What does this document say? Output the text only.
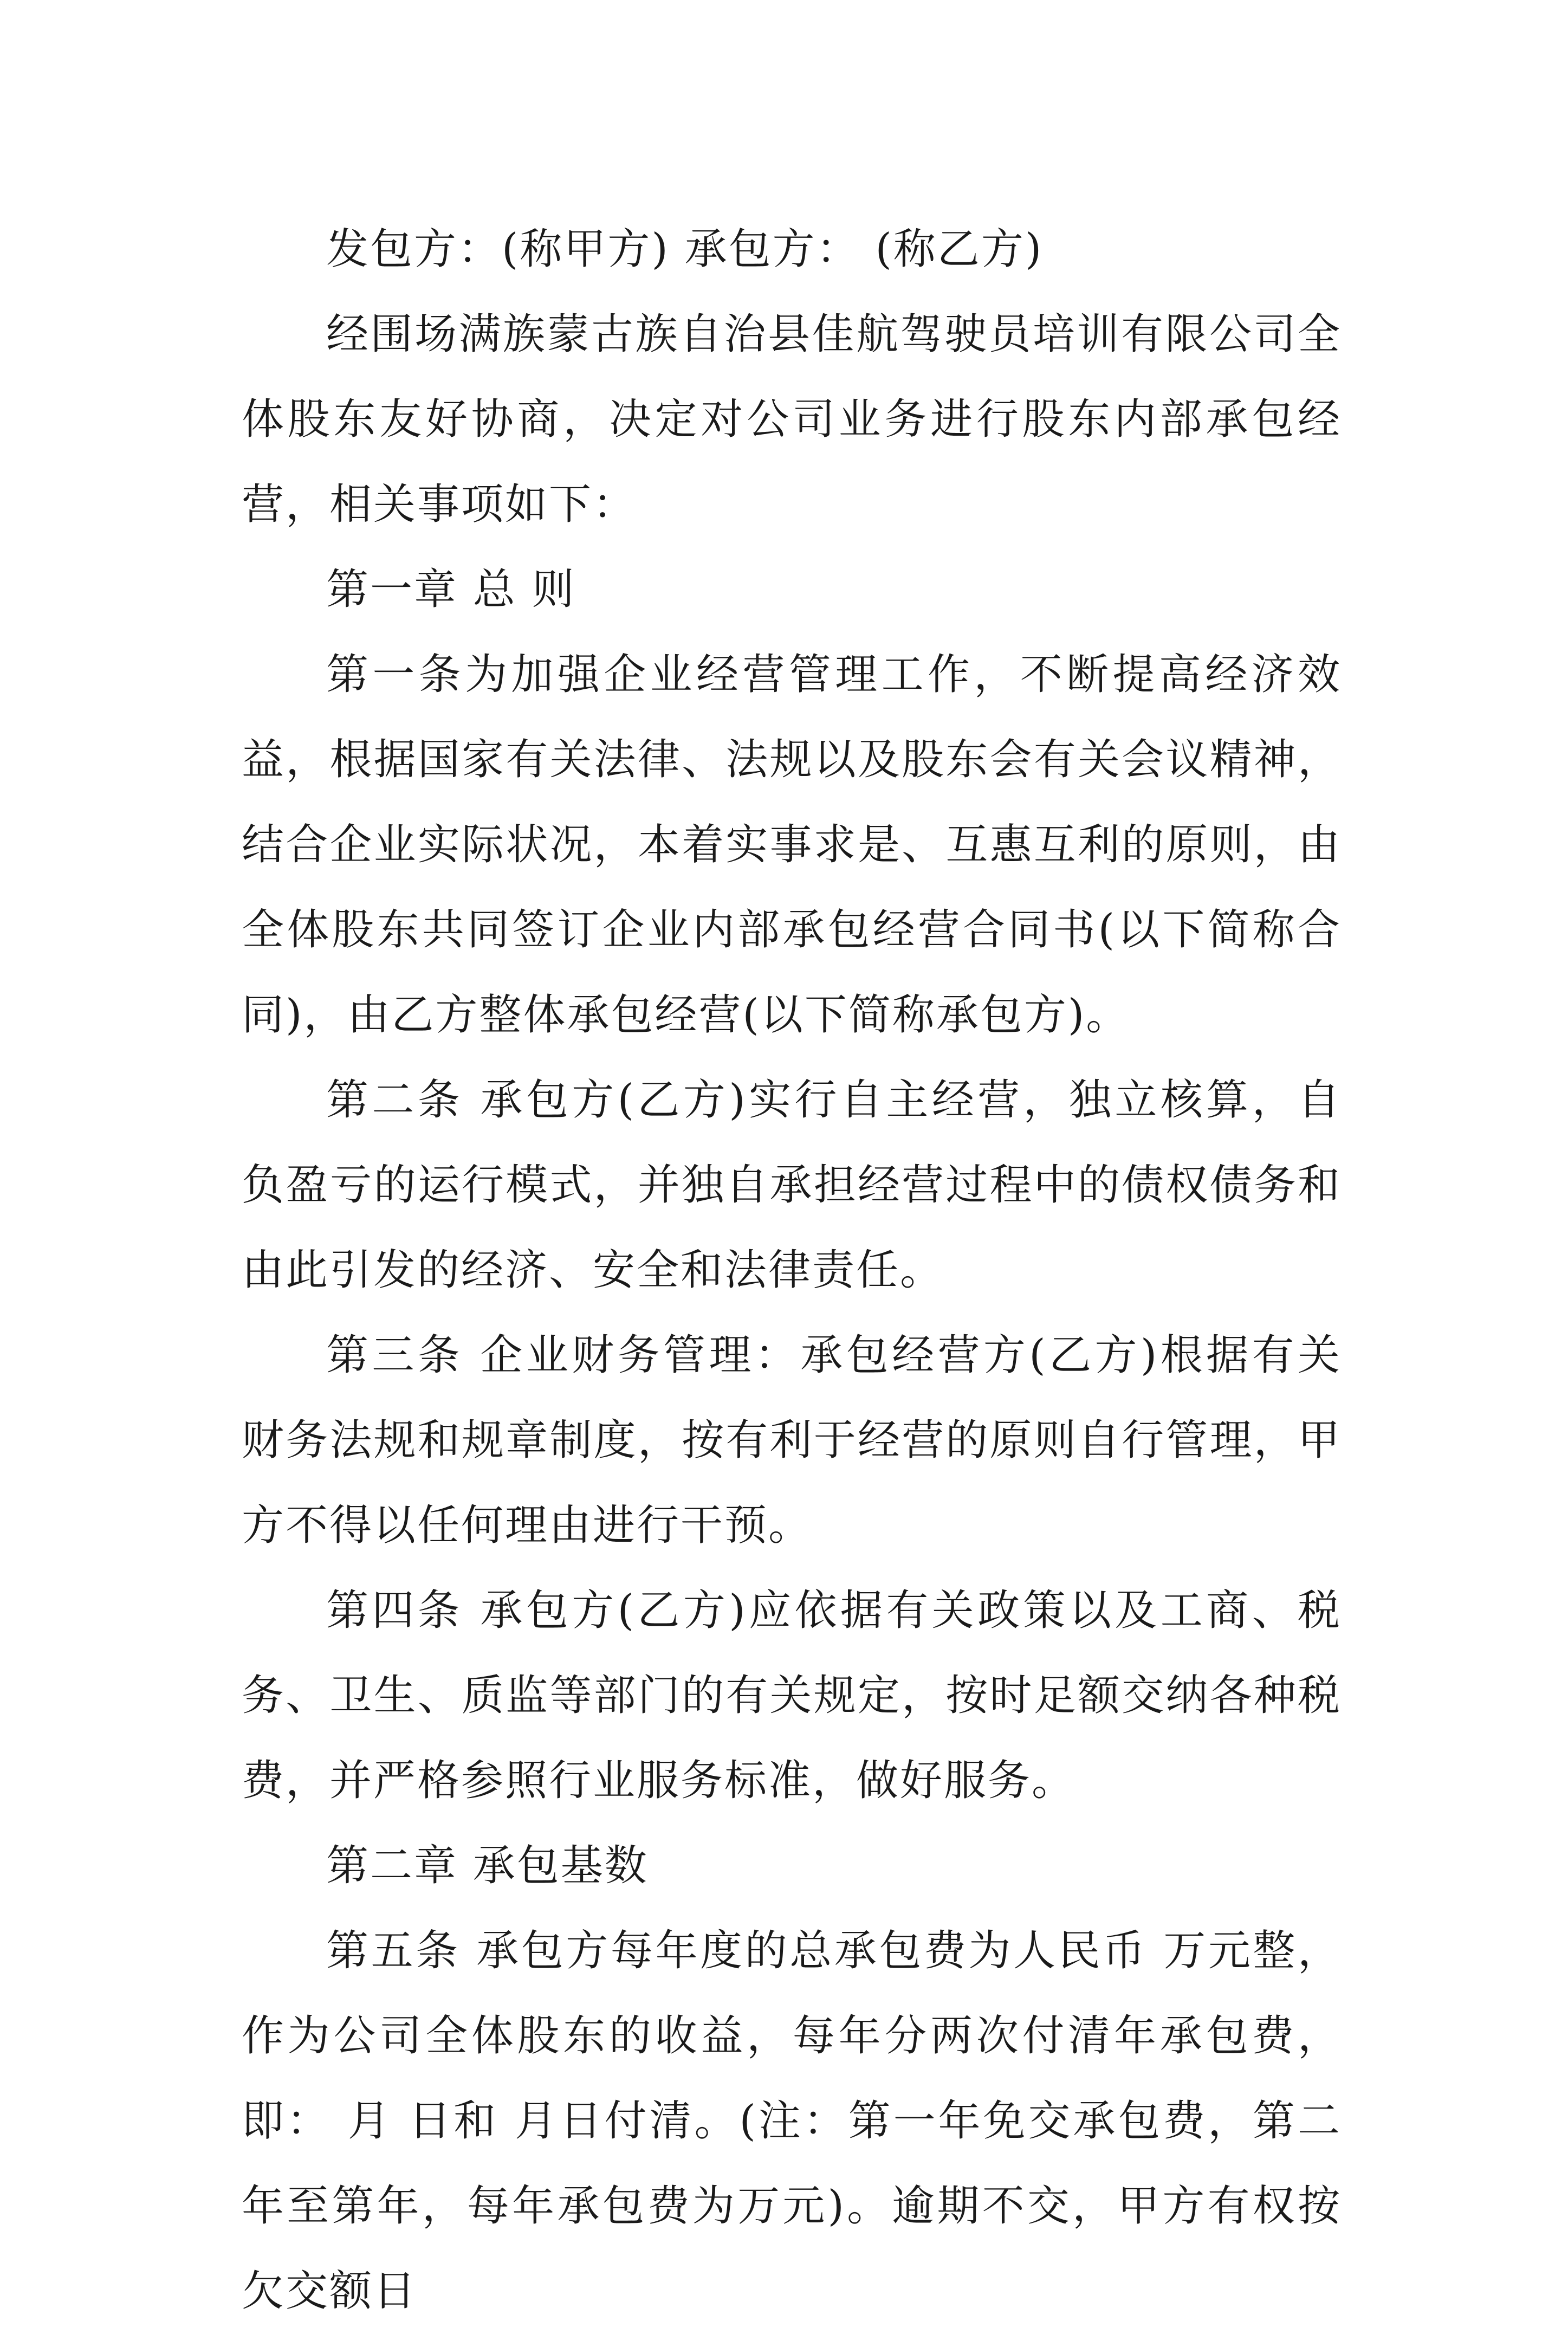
发包方：(称甲方) 承包方： (称乙方)

经围场满族蒙古族自治县佳航驾驶员培训有限公司全体股东友好协商，决定对公司业务进行股东内部承包经营，相关事项如下：

第一章 总 则

第一条为加强企业经营管理工作，不断提高经济效益，根据国家有关法律、法规以及股东会有关会议精神，结合企业实际状况，本着实事求是、互惠互利的原则，由全体股东共同签订企业内部承包经营合同书(以下简称合同)，由乙方整体承包经营(以下简称承包方)。

第二条 承包方(乙方)实行自主经营，独立核算，自负盈亏的运行模式，并独自承担经营过程中的债权债务和由此引发的经济、安全和法律责任。

第三条 企业财务管理：承包经营方(乙方)根据有关财务法规和规章制度，按有利于经营的原则自行管理，甲方不得以任何理由进行干预。

第四条 承包方(乙方)应依据有关政策以及工商、税务、卫生、质监等部门的有关规定，按时足额交纳各种税费，并严格参照行业服务标准，做好服务。

第二章 承包基数

第五条 承包方每年度的总承包费为人民币 万元整，作为公司全体股东的收益，每年分两次付清年承包费，即： 月 日和 月日付清。(注：第一年免交承包费，第二年至第年，每年承包费为万元)。逾期不交，甲方有权按欠交额日
